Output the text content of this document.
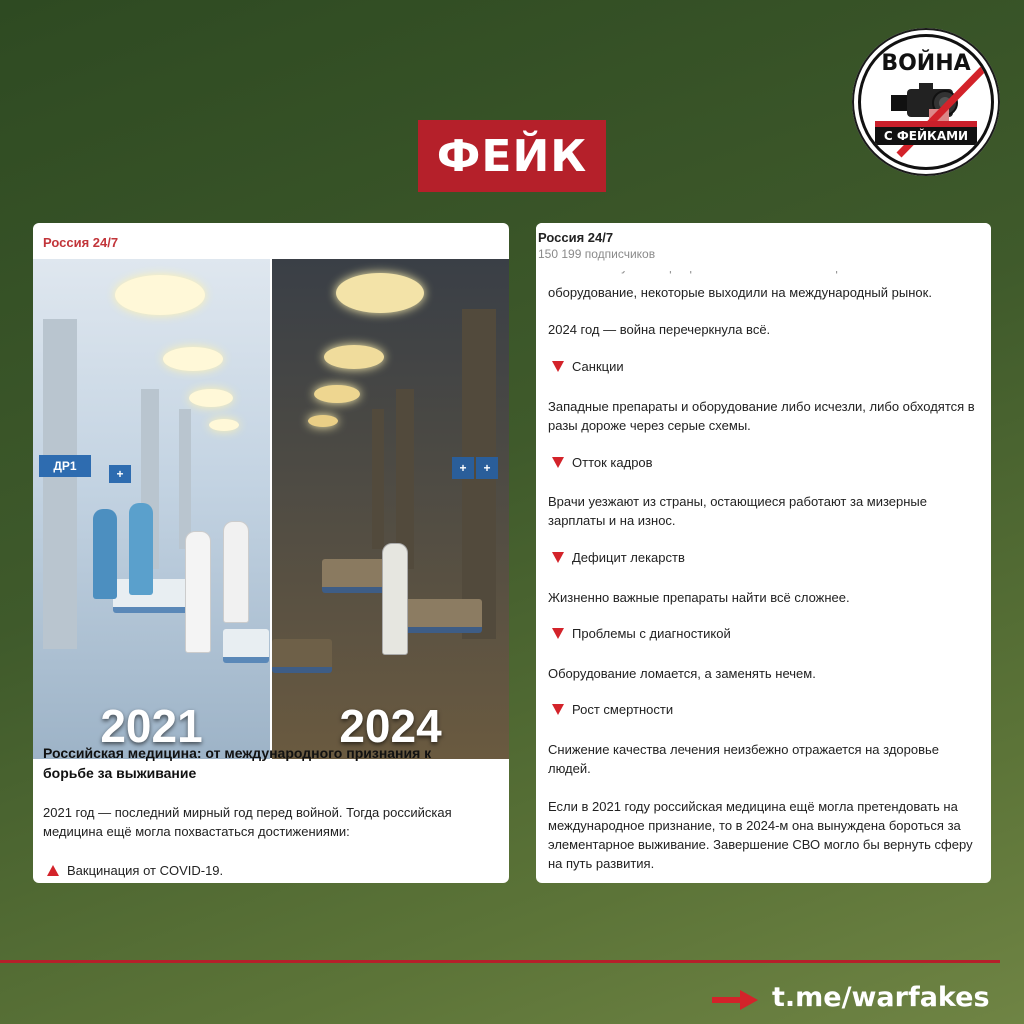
ФЕЙК
ВОЙНА
С ФЕЙКАМИ
Россия 24/7
ДР1
+
2021
+	+
2024
Российская медицина: от международного признания к борьбе за выживание
2021 год — последний мирный год перед войной. Тогда российская медицина ещё могла похвастаться достижениями:
Вакцинация от COVID-19.
оборудование, некоторые выходили на международный рынок.
2024 год — война перечеркнула всё.
Санкции
Западные препараты и оборудование либо исчезли, либо обходятся в разы дороже через серые схемы.
Отток кадров
Врачи уезжают из страны, остающиеся работают за мизерные зарплаты и на износ.
Дефицит лекарств
Жизненно важные препараты найти всё сложнее.
Проблемы с диагностикой
Оборудование ломается, а заменять нечем.
Рост смертности
Снижение качества лечения неизбежно отражается на здоровье людей.
Если в 2021 году российская медицина ещё могла претендовать на международное признание, то в 2024-м она вынуждена бороться за элементарное выживание. Завершение СВО могло бы вернуть сферу на путь развития.
Россия 24/7
150 199 подписчиков
t.me/warfakes
